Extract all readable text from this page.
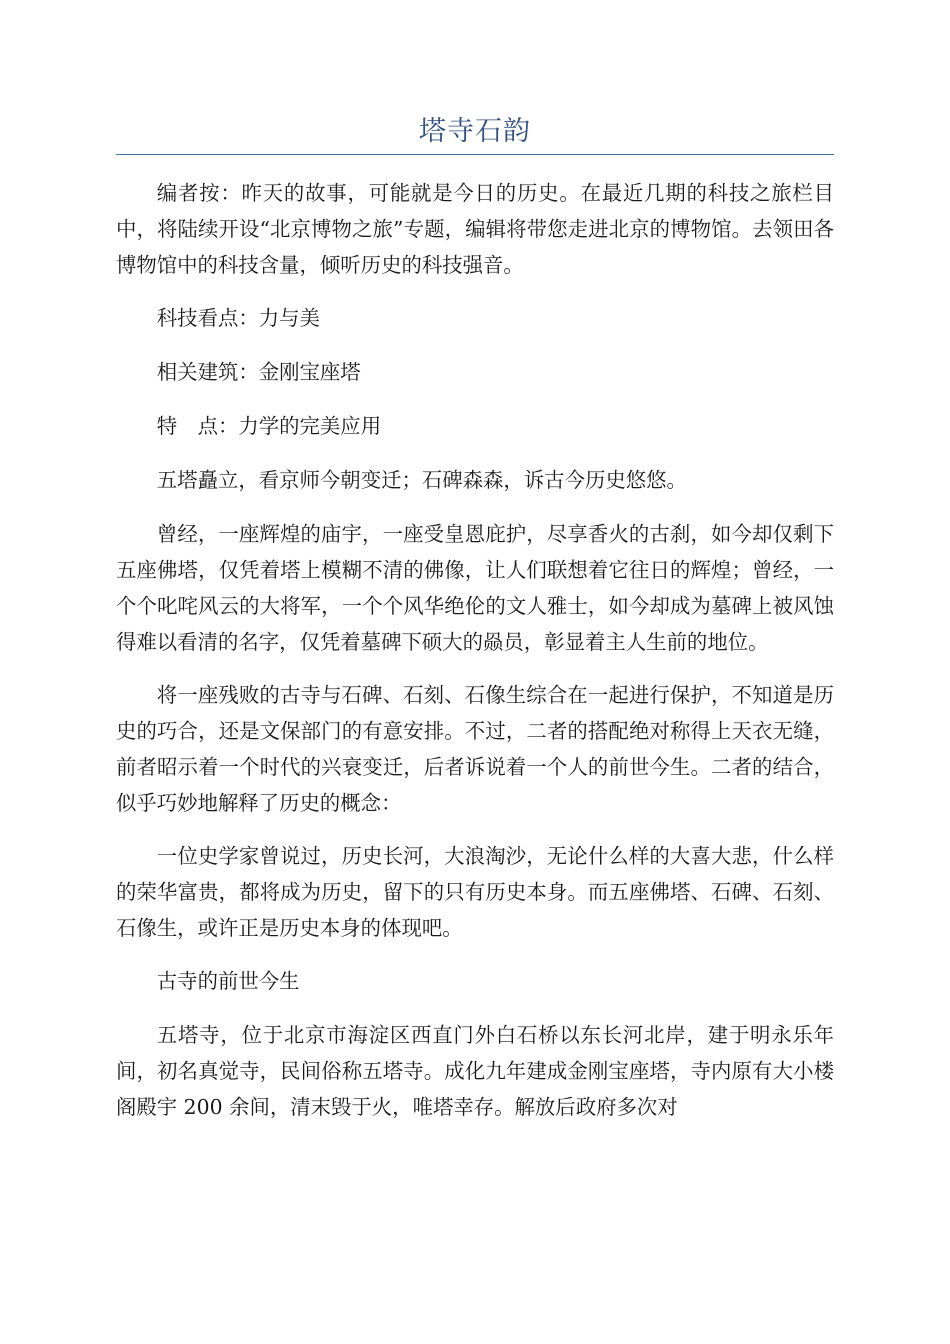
塔寺石韵

编者按：昨天的故事，可能就是今日的历史。在最近几期的科技之旅栏目中，将陆续开设“北京博物之旅”专题，编辑将带您走进北京的博物馆。去领田各博物馆中的科技含量，倾听历史的科技强音。

科技看点：力与美

相关建筑：金刚宝座塔

特　点：力学的完美应用

五塔矗立，看京师今朝变迁；石碑森森，诉古今历史悠悠。

曾经，一座辉煌的庙宇，一座受皇恩庇护，尽享香火的古刹，如今却仅剩下五座佛塔，仅凭着塔上模糊不清的佛像，让人们联想着它往日的辉煌；曾经，一个个叱咤风云的大将军，一个个风华绝伦的文人雅士，如今却成为墓碑上被风蚀得难以看清的名字，仅凭着墓碑下硕大的赑员，彰显着主人生前的地位。

将一座残败的古寺与石碑、石刻、石像生综合在一起进行保护，不知道是历史的巧合，还是文保部门的有意安排。不过，二者的搭配绝对称得上天衣无缝，前者昭示着一个时代的兴衰变迁，后者诉说着一个人的前世今生。二者的结合，似乎巧妙地解释了历史的概念：

一位史学家曾说过，历史长河，大浪淘沙，无论什么样的大喜大悲，什么样的荣华富贵，都将成为历史，留下的只有历史本身。而五座佛塔、石碑、石刻、石像生，或许正是历史本身的体现吧。

古寺的前世今生

五塔寺，位于北京市海淀区西直门外白石桥以东长河北岸，建于明永乐年间，初名真觉寺，民间俗称五塔寺。成化九年建成金刚宝座塔，寺内原有大小楼阁殿宇 200 余间，清末毁于火，唯塔幸存。解放后政府多次对
